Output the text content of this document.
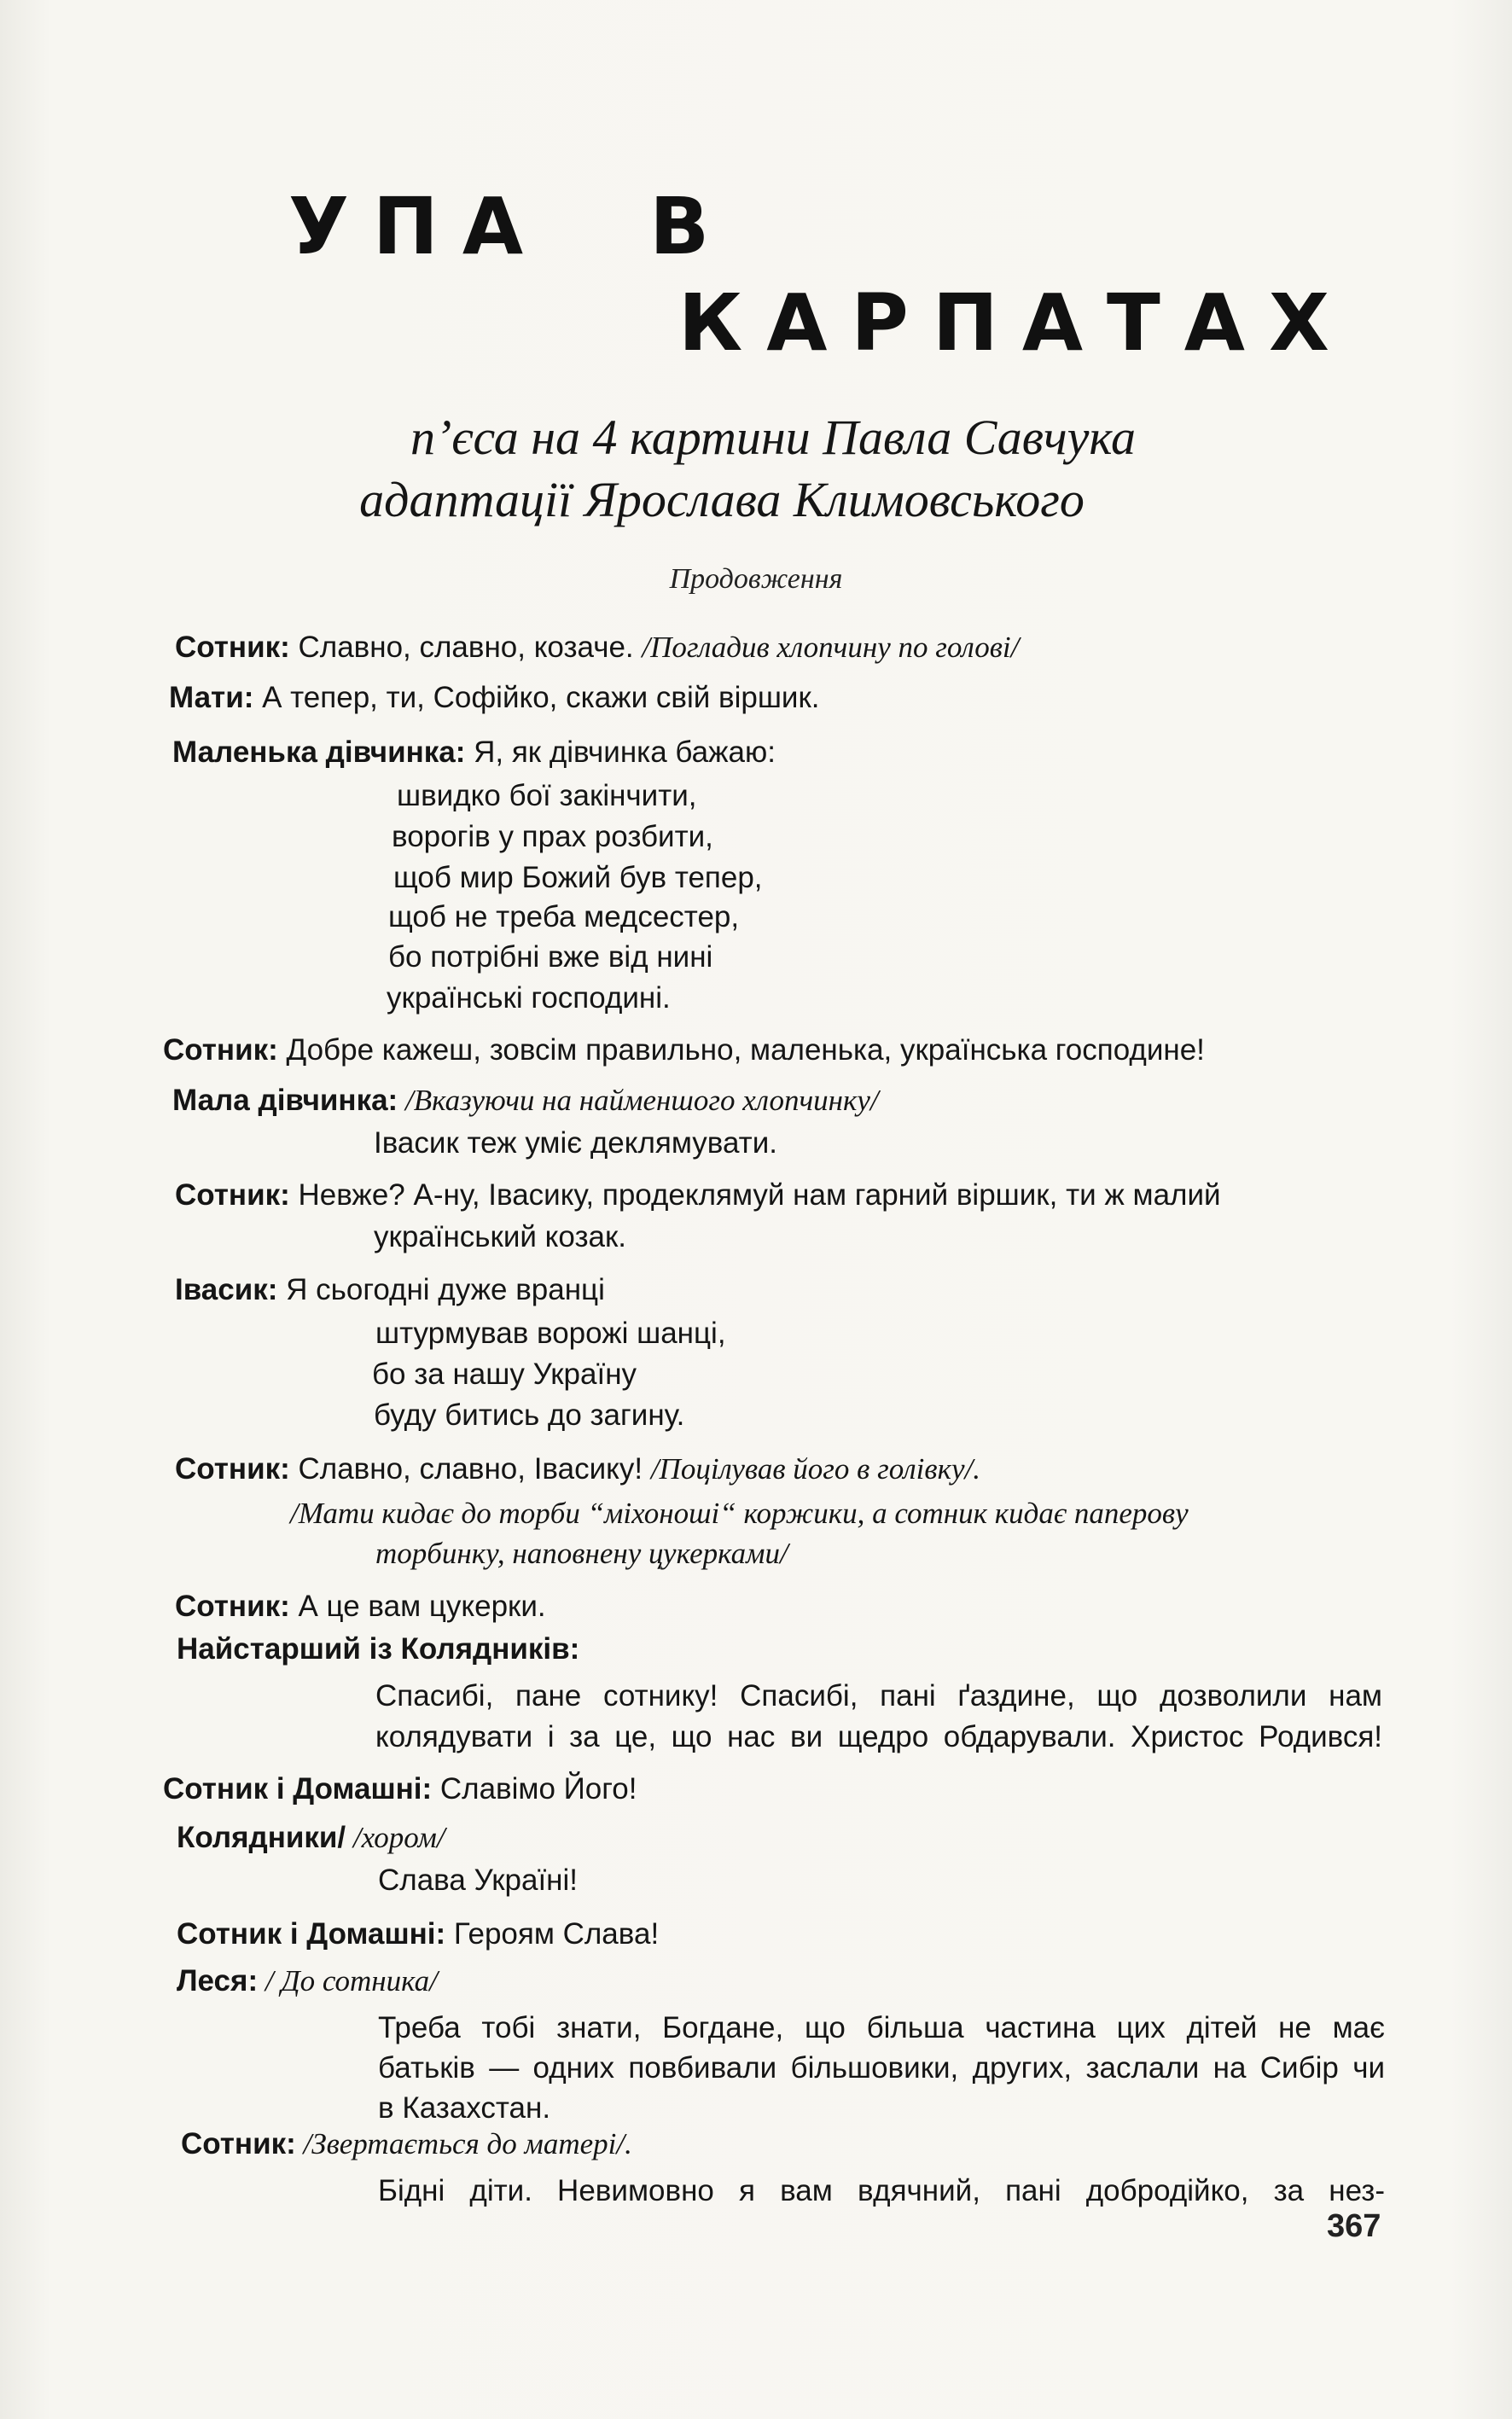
УПА В
КАРПАТАХ

п’єса на 4 картини Павла Савчука

адаптації Ярослава Климовського

Продовження

Сотник: Славно, славно, козаче. /Погладив хлопчину по голові/

Мати: А тепер, ти, Софійко, скажи свій віршик.

Маленька дівчинка: Я, як дівчинка бажаю:

швидко бої закінчити,

ворогів у прах розбити,

щоб мир Божий був тепер,

щоб не треба медсестер,

бо потрібні вже від нині

українські господині.

Сотник: Добре кажеш, зовсім правильно, маленька, українська господине!

Мала дівчинка: /Вказуючи на найменшого хлопчинку/

Івасик теж уміє деклямувати.

Сотник: Невже? А-ну, Івасику, продеклямуй нам гарний віршик, ти ж малий

український козак.

Івасик: Я сьогодні дуже вранці

штурмував ворожі шанці,

бо за нашу Україну

буду битись до загину.

Сотник: Славно, славно, Івасику! /Поцілував його в голівку/.

/Мати кидає до торби “міхоноші“ коржики, а сотник кидає паперову

торбинку, наповнену цукерками/

Сотник: А це вам цукерки.

Найстарший із Колядників:

Спасибі, пане сотнику! Спасибі, пані ґаздине, що дозволили нам

колядувати і за це, що нас ви щедро обдарували. Христос Родився!

Сотник і Домашні: Славімо Його!

Колядники/ /хором/

Слава Україні!

Сотник і Домашні: Героям Слава!

Леся: / До сотника/

Треба тобі знати, Богдане, що більша частина цих дітей не має

батьків — одних повбивали більшовики, других, заслали на Сибір чи

в Казахстан.

Сотник: /Звертається до матері/.

Бідні діти. Невимовно я вам вдячний, пані добродійко, за нез-

367
